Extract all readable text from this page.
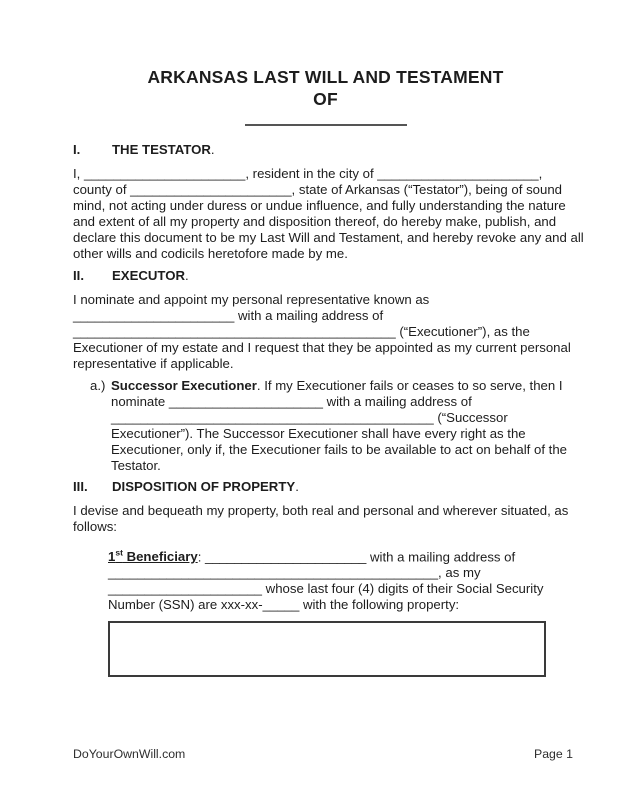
ARKANSAS LAST WILL AND TESTAMENT
OF
I.	THE TESTATOR .
I, ______________________, resident in the city of ______________________,
county of ______________________, state of Arkansas (“Testator”), being of sound
mind, not acting under duress or undue influence, and fully understanding the nature
and extent of all my property and disposition thereof, do hereby make, publish, and
declare this document to be my Last Will and Testament, and hereby revoke any and all
other wills and codicils heretofore made by me.
II.	EXECUTOR .
I nominate and appoint my personal representative known as
______________________ with a mailing address of
____________________________________________ (“Executioner”), as the
Executioner of my estate and I request that they be appointed as my current personal
representative if applicable.
a.) Successor Executioner. If my Executioner fails or ceases to so serve, then I
nominate _____________________ with a mailing address of
____________________________________________ (“Successor
Executioner”). The Successor Executioner shall have every right as the
Executioner, only if, the Executioner fails to be available to act on behalf of the
Testator.
III.	DISPOSITION OF PROPERTY .
I devise and bequeath my property, both real and personal and wherever situated, as
follows:
1st Beneficiary: ______________________ with a mailing address of
_____________________________________________, as my
_____________________ whose last four (4) digits of their Social Security
Number (SSN) are xxx-xx-_____ with the following property:
DoYourOwnWill.com	Page 1
